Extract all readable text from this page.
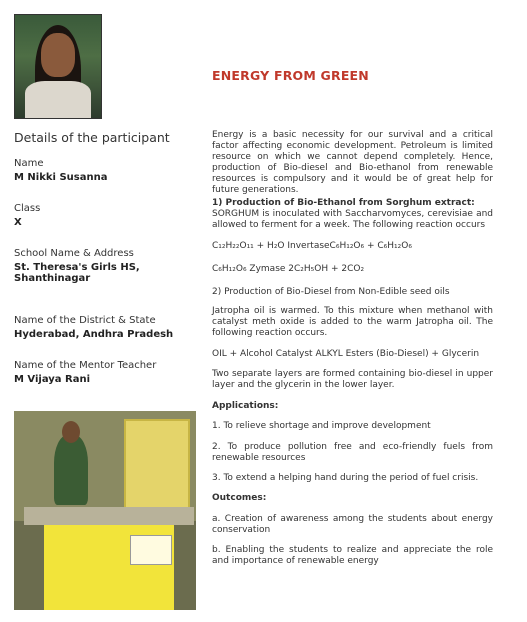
ENERGY FROM GREEN
Details of the participant
Name
M Nikki Susanna
Class
X
School Name & Address
St. Theresa's Girls HS, Shanthinagar
Name of the District & State
Hyderabad, Andhra Pradesh
Name of the Mentor Teacher
M Vijaya Rani
Energy is a basic necessity for our survival and a critical factor affecting economic development. Petroleum is limited resource on which we cannot depend completely. Hence, production of Bio-diesel and Bio-ethanol from renewable resources is compulsory and it would be of great help for future generations.
1) Production of Bio-Ethanol from Sorghum extract:
SORGHUM is inoculated with Saccharvomyces, cerevisiae and allowed to ferment for a week. The following reaction occurs
C₁₂H₂₂O₁₁ + H₂O InvertaseC₆H₁₂O₆ + C₆H₁₂O₆
C₆H₁₂O₆ Zymase 2C₂H₅OH + 2CO₂
2) Production of Bio-Diesel from Non-Edible seed oils
Jatropha oil is warmed. To this mixture when methanol with catalyst meth oxide is added to the warm Jatropha oil. The following reaction occurs.
OIL + Alcohol Catalyst ALKYL Esters (Bio-Diesel) + Glycerin
Two separate layers are formed containing bio-diesel in upper layer and the glycerin in the lower layer.
Applications:
1. To relieve shortage and improve development
2. To produce pollution free and eco-friendly fuels from renewable resources
3. To extend a helping hand during the period of fuel crisis.
Outcomes:
a. Creation of awareness among the students about energy conservation
b. Enabling the students to realize and appreciate the role and importance of renewable energy
